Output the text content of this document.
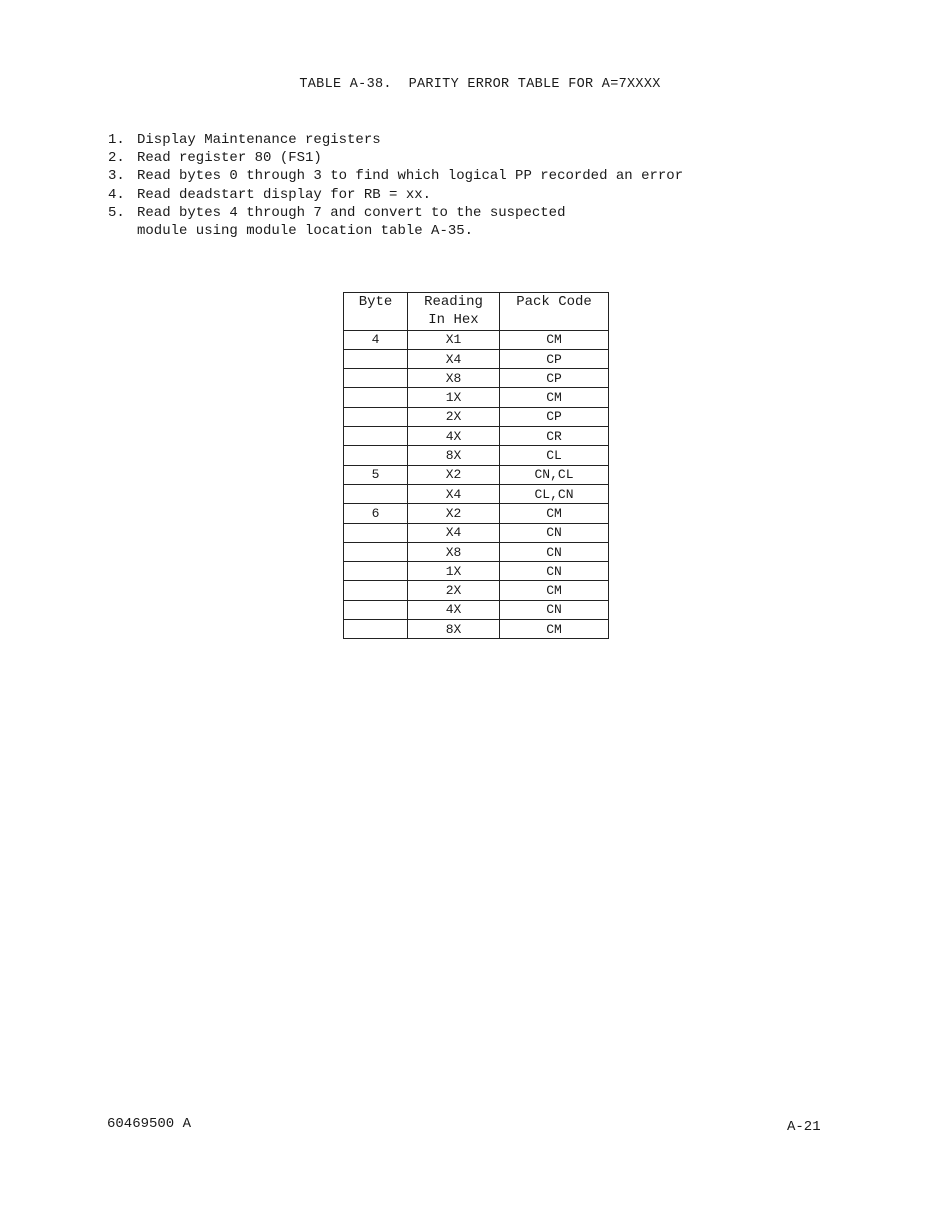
TABLE A-38.  PARITY ERROR TABLE FOR A=7XXXX
1. Display Maintenance registers
2. Read register 80 (FS1)
3. Read bytes 0 through 3 to find which logical PP recorded an error
4. Read deadstart display for RB = xx.
5. Read bytes 4 through 7 and convert to the suspected
module using module location table A-35.
Byte	Reading	Pack Code
	In Hex	
4	X1	CM
	X4	CP
	X8	CP
	1X	CM
	2X	CP
	4X	CR
	8X	CL
5	X2	CN,CL
	X4	CL,CN
6	X2	CM
	X4	CN
	X8	CN
	1X	CN
	2X	CM
	4X	CN
	8X	CM
60469500 A	A-21
